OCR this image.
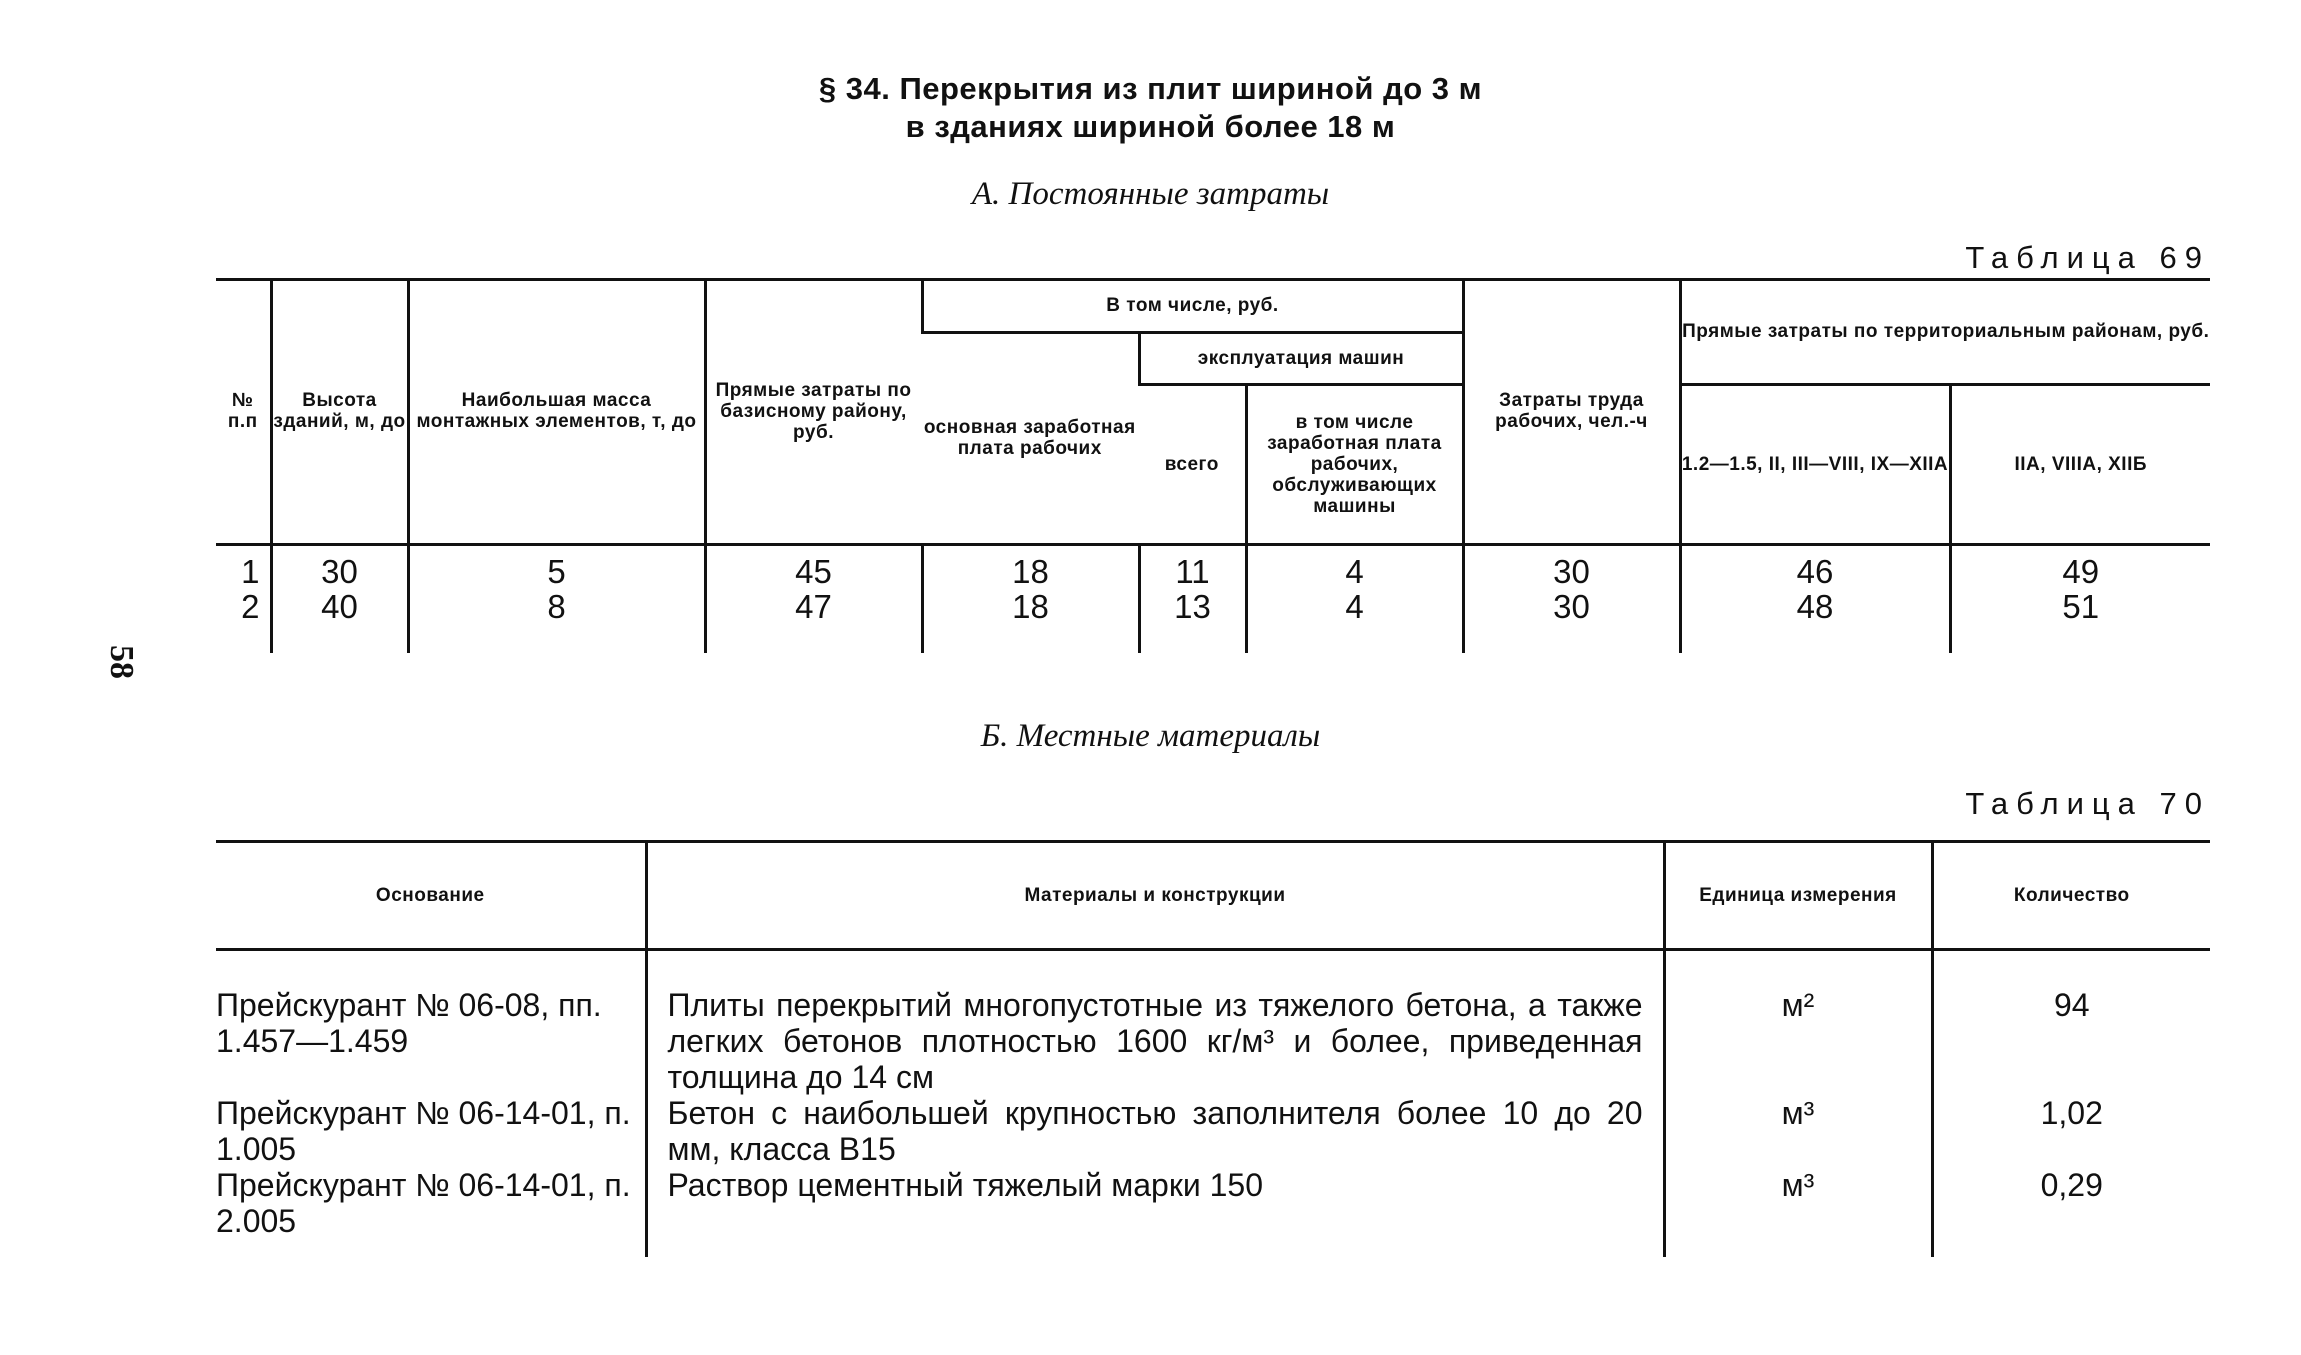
58
§ 34. Перекрытия из плит шириной до 3 м
в зданиях шириной более 18 м
А. Постоянные затраты
Таблица 69
№ п.п	Высота зданий, м, до	Наибольшая масса монтажных элементов, т, до	Прямые затраты по базисному району, руб.	В том числе, руб.			Затраты труда рабочих, чел.-ч	Прямые затраты по территориальным районам, руб.	
				основная заработная плата рабочих	эксплуатация машин				
					всего	в том числе заработная плата рабочих, обслуживающих машины		1.2—1.5, II, III—VIII, IX—XIIA	IIA, VIIIA, XIIБ
1	30	5	45	18	11	4	30	46	49
2	40	8	47	18	13	4	30	48	51
Б. Местные материалы
Таблица 70
Основание	Материалы и конструкции	Единица измерения	Количество
Прейскурант № 06-08, пп. 1.457—1.459	Плиты перекрытий многопустотные из тяжелого бетона, а также легких бетонов плотностью 1600 кг/м³ и более, приведенная толщина до 14 см	м²	94
Прейскурант № 06-14-01, п. 1.005	Бетон с наибольшей крупностью заполнителя более 10 до 20 мм, класса В15	м³	1,02
Прейскурант № 06-14-01, п. 2.005	Раствор цементный тяжелый марки 150	м³	0,29
